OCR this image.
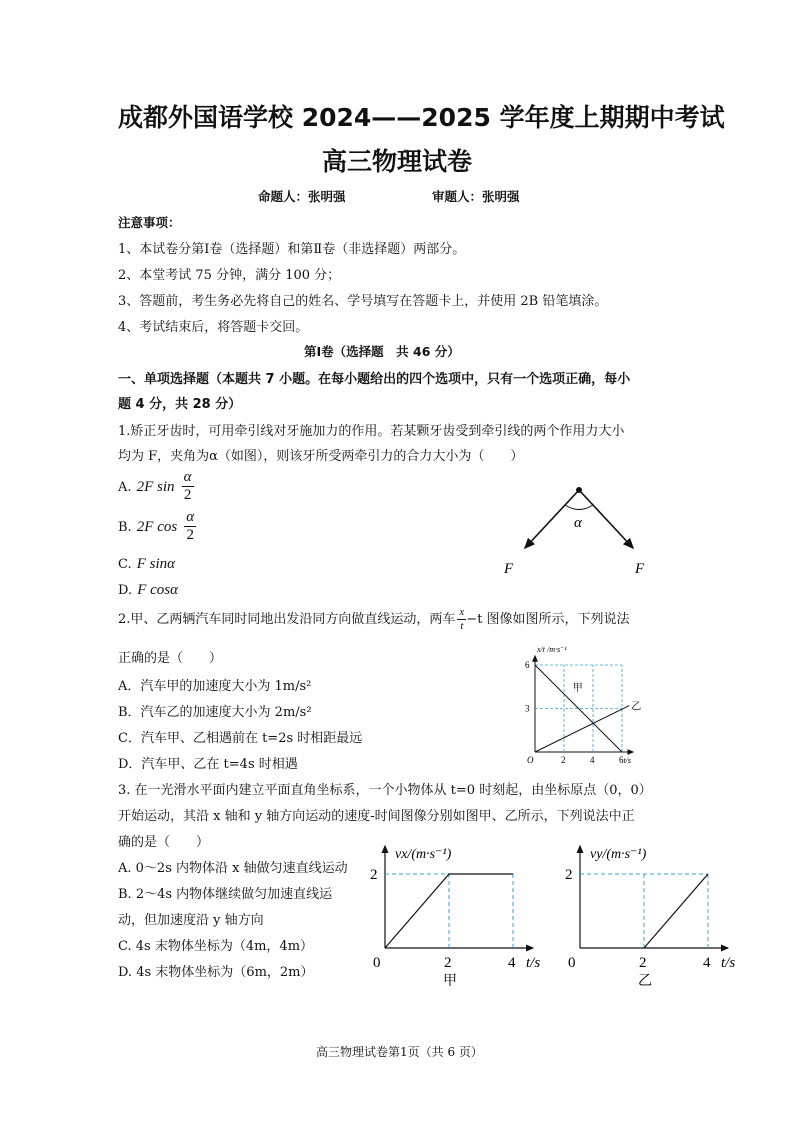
成都外国语学校 2024——2025 学年度上期期中考试
高三物理试卷
命题人：张明强	审题人：张明强
注意事项：
1、本试卷分第Ⅰ卷（选择题）和第Ⅱ卷（非选择题）两部分。
2、本堂考试 75 分钟，满分 100 分；
3、答题前，考生务必先将自己的姓名、学号填写在答题卡上，并使用 2B 铅笔填涂。
4、考试结束后，将答题卡交回。
第Ⅰ卷（选择题　共 46 分）
一、单项选择题（本题共 7 小题。在每小题给出的四个选项中，只有一个选项正确，每小
题 4 分，共 28 分）
1.矫正牙齿时，可用牵引线对牙施加力的作用。若某颗牙齿受到牵引线的两个作用力大小
均为 F，夹角为α（如图），则该牙所受两牵引力的合力大小为（　　）
A. 2F $\sin \frac{\alpha}{2}$
B. 2F $\cos \frac{\alpha}{2}$
C. F sinα
D. F cosα
α
F	F
2.甲、乙两辆汽车同时同地出发沿同方向做直线运动，两车 $\frac{x}{t} -t$ 图像如图所示，下列说法
正确的是（　　）
A．汽车甲的加速度大小为 1m/s²
B．汽车乙的加速度大小为 2m/s²
C．汽车甲、乙相遇前在 t=2s 时相距最远
D．汽车甲、乙在 t=4s 时相遇
甲
乙
O	2	4	6
3
6
t/s
x/t /m·s⁻¹
3. 在一光滑水平面内建立平面直角坐标系，一个小物体从 t=0 时刻起，由坐标原点（0，0）
开始运动，其沿 x 轴和 y 轴方向运动的速度-时间图像分别如图甲、乙所示，下列说法中正
确的是（　　）
A. 0～2s 内物体沿 x 轴做匀速直线运动
B. 2～4s 内物体继续做匀加速直线运
动，但加速度沿 y 轴方向
C. 4s 末物体坐标为（4m，4m）
D. 4s 末物体坐标为（6m，2m）
0	2	4
2
t/s
vx/(m·s⁻¹)
甲
0	2	4
2
t/s
vy/(m·s⁻¹)
乙
高三物理试卷第1页（共 6 页）
